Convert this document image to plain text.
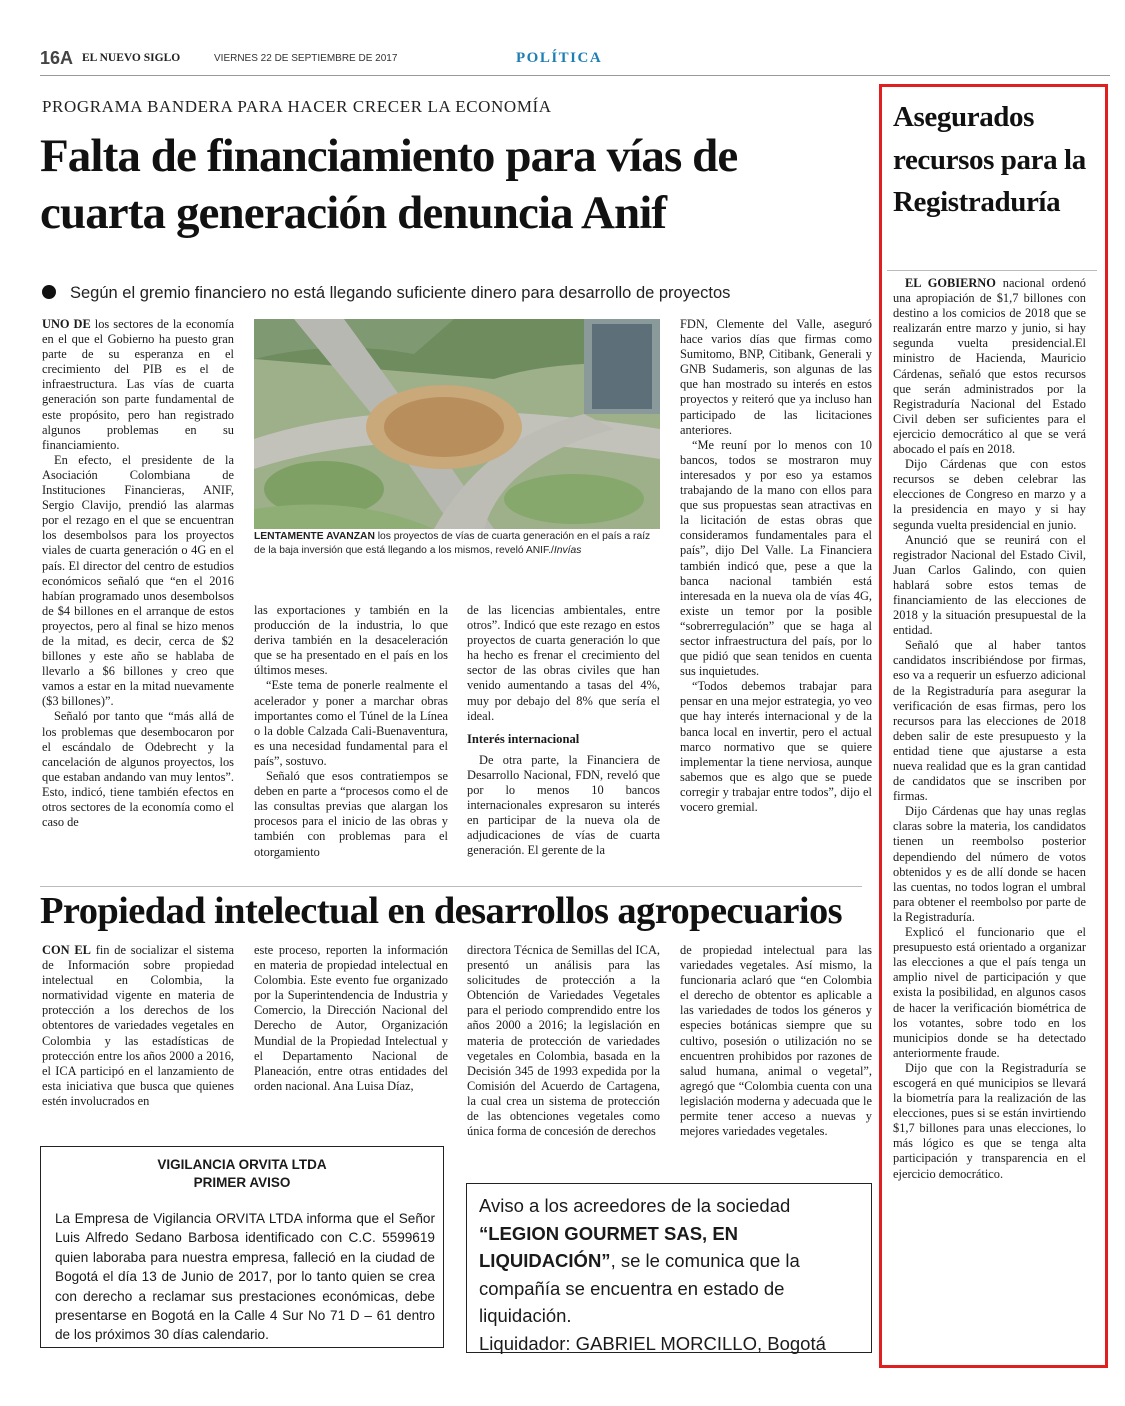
16A EL NUEVO SIGLO	VIERNES 22 DE SEPTIEMBRE DE 2017	POLÍTICA
PROGRAMA BANDERA PARA HACER CRECER LA ECONOMÍA
Falta de financiamiento para vías de cuarta generación denuncia Anif
Según el gremio financiero no está llegando suficiente dinero para desarrollo de proyectos

UNO DE los sectores de la economía en el que el Gobierno ha puesto gran parte de su esperanza en el crecimiento del PIB es el de infraestructura. Las vías de cuarta generación son parte fundamental de este propósito, pero han registrado algunos problemas en su financiamiento.

En efecto, el presidente de la Asociación Colombiana de Instituciones Financieras, ANIF, Sergio Clavijo, prendió las alarmas por el rezago en el que se encuentran los desembolsos para los proyectos viales de cuarta generación o 4G en el país. El director del centro de estudios económicos señaló que “en el 2016 habían programado unos desembolsos de $4 billones en el arranque de estos proyectos, pero al final se hizo menos de la mitad, es decir, cerca de $2 billones y este año se hablaba de llevarlo a $6 billones y creo que vamos a estar en la mitad nuevamente ($3 billones)”.

Señaló por tanto que “más allá de los problemas que desembocaron por el escándalo de Odebrecht y la cancelación de algunos proyectos, los que estaban andando van muy lentos”. Esto, indicó, tiene también efectos en otros sectores de la economía como el caso de

LENTAMENTE AVANZAN los proyectos de vías de cuarta generación en el país a raíz de la baja inversión que está llegando a los mismos, reveló ANIF./Invías

las exportaciones y también en la producción de la industria, lo que deriva también en la desaceleración que se ha presentado en el país en los últimos meses.

“Este tema de ponerle realmente el acelerador y poner a marchar obras importantes como el Túnel de la Línea o la doble Calzada Cali-Buenaventura, es una necesidad fundamental para el país”, sostuvo.

Señaló que esos contratiempos se deben en parte a “procesos como el de las consultas previas que alargan los procesos para el inicio de las obras y también con problemas para el otorgamiento

de las licencias ambientales, entre otros”. Indicó que este rezago en estos proyectos de cuarta generación lo que ha hecho es frenar el crecimiento del sector de las obras civiles que han venido aumentando a tasas del 4%, muy por debajo del 8% que sería el ideal.

Interés internacional

De otra parte, la Financiera de Desarrollo Nacional, FDN, reveló que por lo menos 10 bancos internacionales expresaron su interés en participar de la nueva ola de adjudicaciones de vías de cuarta generación. El gerente de la

FDN, Clemente del Valle, aseguró hace varios días que firmas como Sumitomo, BNP, Citibank, Generali y GNB Sudameris, son algunas de las que han mostrado su interés en estos proyectos y reiteró que ya incluso han participado de las licitaciones anteriores.

“Me reuní por lo menos con 10 bancos, todos se mostraron muy interesados y por eso ya estamos trabajando de la mano con ellos para que sus propuestas sean atractivas en la licitación de estas obras que consideramos fundamentales para el país”, dijo Del Valle. La Financiera también indicó que, pese a que la banca nacional también está interesada en la nueva ola de vías 4G, existe un temor por la posible “sobrerregulación” que se haga al sector infraestructura del país, por lo que pidió que sean tenidos en cuenta sus inquietudes.

“Todos debemos trabajar para pensar en una mejor estrategia, yo veo que hay interés internacional y de la banca local en invertir, pero el actual marco normativo que se quiere implementar la tiene nerviosa, aunque sabemos que es algo que se puede corregir y trabajar entre todos”, dijo el vocero gremial.

Propiedad intelectual en desarrollos agropecuarios

CON EL fin de socializar el sistema de Información sobre propiedad intelectual en Colombia, la normatividad vigente en materia de protección a los derechos de los obtentores de variedades vegetales en Colombia y las estadísticas de protección entre los años 2000 a 2016, el ICA participó en el lanzamiento de esta iniciativa que busca que quienes estén involucrados en

este proceso, reporten la información en materia de propiedad intelectual en Colombia. Este evento fue organizado por la Superintendencia de Industria y Comercio, la Dirección Nacional del Derecho de Autor, Organización Mundial de la Propiedad Intelectual y el Departamento Nacional de Planeación, entre otras entidades del orden nacional. Ana Luisa Díaz,

directora Técnica de Semillas del ICA, presentó un análisis para las solicitudes de protección a la Obtención de Variedades Vegetales para el periodo comprendido entre los años 2000 a 2016; la legislación en materia de protección de variedades vegetales en Colombia, basada en la Decisión 345 de 1993 expedida por la Comisión del Acuerdo de Cartagena, la cual crea un sistema de protección de las obtenciones vegetales como única forma de concesión de derechos

de propiedad intelectual para las variedades vegetales. Así mismo, la funcionaria aclaró que “en Colombia el derecho de obtentor es aplicable a las variedades de todos los géneros y especies botánicas siempre que su cultivo, posesión o utilización no se encuentren prohibidos por razones de salud humana, animal o vegetal”, agregó que “Colombia cuenta con una legislación moderna y adecuada que le permite tener acceso a nuevas y mejores variedades vegetales.

Asegurados recursos para la Registraduría

EL GOBIERNO nacional ordenó una apropiación de $1,7 billones con destino a los comicios de 2018 que se realizarán entre marzo y junio, si hay segunda vuelta presidencial.El ministro de Hacienda, Mauricio Cárdenas, señaló que estos recursos que serán administrados por la Registraduría Nacional del Estado Civil deben ser suficientes para el ejercicio democrático al que se verá abocado el país en 2018.

Dijo Cárdenas que con estos recursos se deben celebrar las elecciones de Congreso en marzo y a la presidencia en mayo y si hay segunda vuelta presidencial en junio.

Anunció que se reunirá con el registrador Nacional del Estado Civil, Juan Carlos Galindo, con quien hablará sobre estos temas de financiamiento de las elecciones de 2018 y la situación presupuestal de la entidad.

Señaló que al haber tantos candidatos inscribiéndose por firmas, eso va a requerir un esfuerzo adicional de la Registraduría para asegurar la verificación de esas firmas, pero los recursos para las elecciones de 2018 deben salir de este presupuesto y la entidad tiene que ajustarse a esta nueva realidad que es la gran cantidad de candidatos que se inscriben por firmas.

Dijo Cárdenas que hay unas reglas claras sobre la materia, los candidatos tienen un reembolso posterior dependiendo del número de votos obtenidos y es de allí donde se hacen las cuentas, no todos logran el umbral para obtener el reembolso por parte de la Registraduría.

Explicó el funcionario que el presupuesto está orientado a organizar las elecciones a que el país tenga un amplio nivel de participación y que exista la posibilidad, en algunos casos de hacer la verificación biométrica de los votantes, sobre todo en los municipios donde se ha detectado anteriormente fraude.

Dijo que con la Registraduría se escogerá en qué municipios se llevará la biometría para la realización de las elecciones, pues si se están invirtiendo $1,7 billones para unas elecciones, lo más lógico es que se tenga alta participación y transparencia en el ejercicio democrático.

VIGILANCIA ORVITA LTDA
PRIMER AVISO
La Empresa de Vigilancia ORVITA LTDA informa que el Señor Luis Alfredo Sedano Barbosa identificado con C.C. 5599619 quien laboraba para nuestra empresa, falleció en la ciudad de Bogotá el día 13 de Junio de 2017, por lo tanto quien se crea con derecho a reclamar sus prestaciones económicas, debe presentarse en Bogotá en la Calle 4 Sur No 71 D – 61 dentro de los próximos 30 días calendario.
Aviso a los acreedores de la sociedad “LEGION GOURMET SAS, EN LIQUIDACIÓN”, se le comunica que la compañía se encuentra en estado de liquidación.
Liquidador: GABRIEL MORCILLO, Bogotá
